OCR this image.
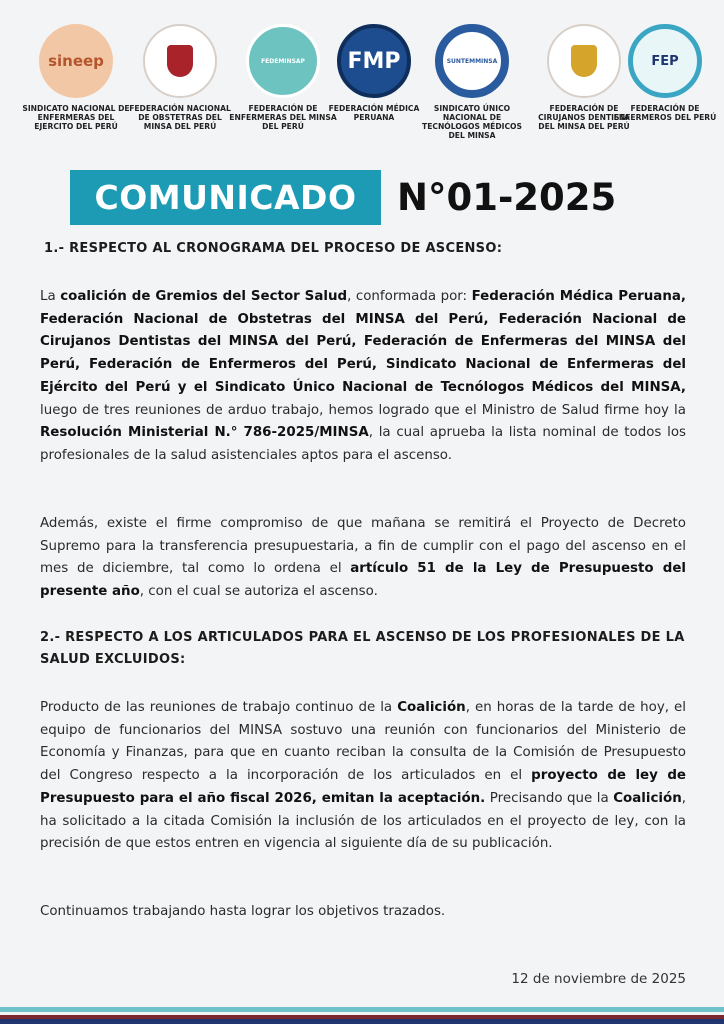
sineep
SINDICATO NACIONAL DE ENFERMERAS DEL EJERCITO DEL PERÚ
FEDERACIÓN NACIONAL DE OBSTETRAS DEL MINSA DEL PERÚ
FEDEMINSAP
FEDERACIÓN DE ENFERMERAS DEL MINSA DEL PERÚ
FMP
FEDERACIÓN MÉDICA PERUANA
SUNTEMMINSA
SINDICATO ÚNICO NACIONAL DE TECNÓLOGOS MÉDICOS DEL MINSA
FEDERACIÓN DE CIRUJANOS DENTISTA DEL MINSA DEL PERÚ
FEP
FEDERACIÓN DE ENFERMEROS DEL PERÚ
COMUNICADO	N°01-2025
1.- RESPECTO AL CRONOGRAMA DEL PROCESO DE ASCENSO:
La coalición de Gremios del Sector Salud, conformada por: Federación Médica Peruana, Federación Nacional de Obstetras del MINSA del Perú, Federación Nacional de Cirujanos Dentistas del MINSA del Perú, Federación de Enfermeras del MINSA del Perú, Federación de Enfermeros del Perú, Sindicato Nacional de Enfermeras del Ejército del Perú y el Sindicato Único Nacional de Tecnólogos Médicos del MINSA, luego de tres reuniones de arduo trabajo, hemos logrado que el Ministro de Salud firme hoy la Resolución Ministerial N.° 786-2025/MINSA, la cual aprueba la lista nominal de todos los profesionales de la salud asistenciales aptos para el ascenso.
Además, existe el firme compromiso de que mañana se remitirá el Proyecto de Decreto Supremo para la transferencia presupuestaria, a fin de cumplir con el pago del ascenso en el mes de diciembre, tal como lo ordena el artículo 51 de la Ley de Presupuesto del presente año, con el cual se autoriza el ascenso.
2.- RESPECTO A LOS ARTICULADOS PARA EL ASCENSO DE LOS PROFESIONALES DE LA SALUD EXCLUIDOS:
Producto de las reuniones de trabajo continuo de la Coalición, en horas de la tarde de hoy, el equipo de funcionarios del MINSA sostuvo una reunión con funcionarios del Ministerio de Economía y Finanzas, para que en cuanto reciban la consulta de la Comisión de Presupuesto del Congreso respecto a la incorporación de los articulados en el proyecto de ley de Presupuesto para el año fiscal 2026, emitan la aceptación. Precisando que la Coalición, ha solicitado a la citada Comisión la inclusión de los articulados en el proyecto de ley, con la precisión de que estos entren en vigencia al siguiente día de su publicación.
Continuamos trabajando hasta lograr los objetivos trazados.
12 de noviembre de 2025
